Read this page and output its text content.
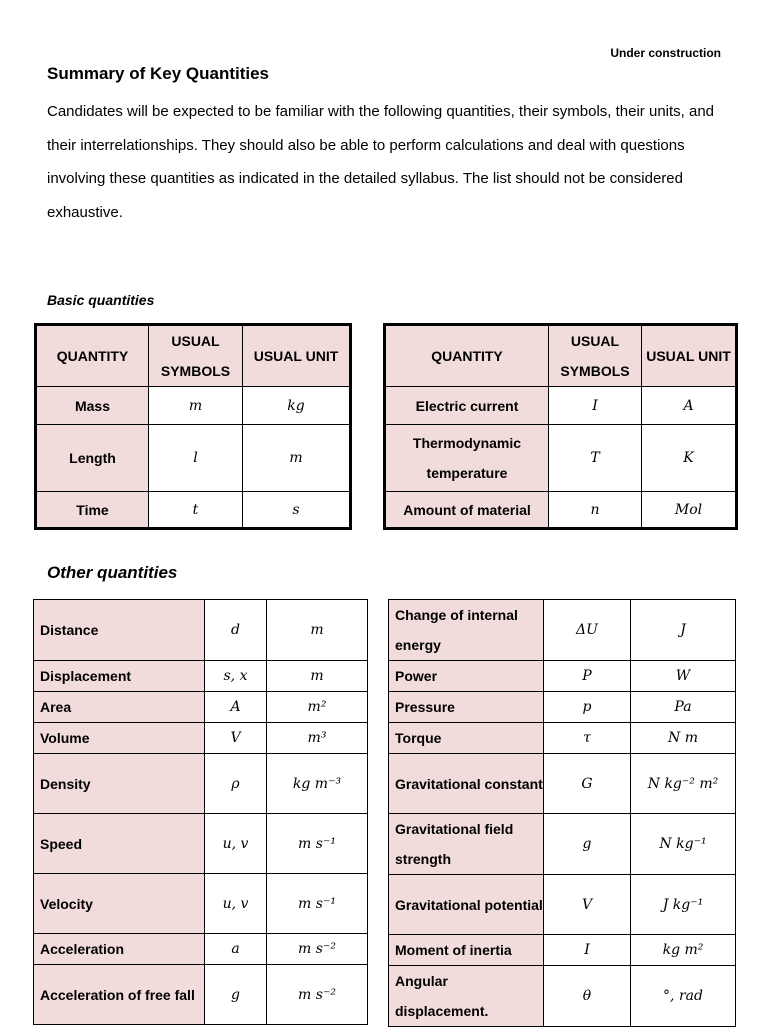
Under construction
Summary of Key Quantities

Candidates will be expected to be familiar with the following quantities, their symbols, their units, and their interrelationships. They should also be able to perform calculations and deal with questions involving these quantities as indicated in the detailed syllabus. The list should not be considered exhaustive.

Basic quantities
QUANTITY	USUAL SYMBOLS	USUAL UNIT
Mass	m	kg
Length	l	m
Time	t	s
QUANTITY	USUAL SYMBOLS	USUAL UNIT
Electric current	I	A
Thermodynamic temperature	T	K
Amount of material	n	Mol
Other quantities
Distance	d	m
Displacement	s, x	m
Area	A	m²
Volume	V	m³
Density	ρ	kg m⁻³
Speed	u, v	m s⁻¹
Velocity	u, v	m s⁻¹
Acceleration	a	m s⁻²
Acceleration of free fall	g	m s⁻²
Change of internal energy	ΔU	J
Power	P	W
Pressure	p	Pa
Torque	τ	N m
Gravitational constant	G	N kg⁻² m²
Gravitational field strength	g	N kg⁻¹
Gravitational potential	V	J kg⁻¹
Moment of inertia	I	kg m²
Angular displacement.	θ	°, rad
